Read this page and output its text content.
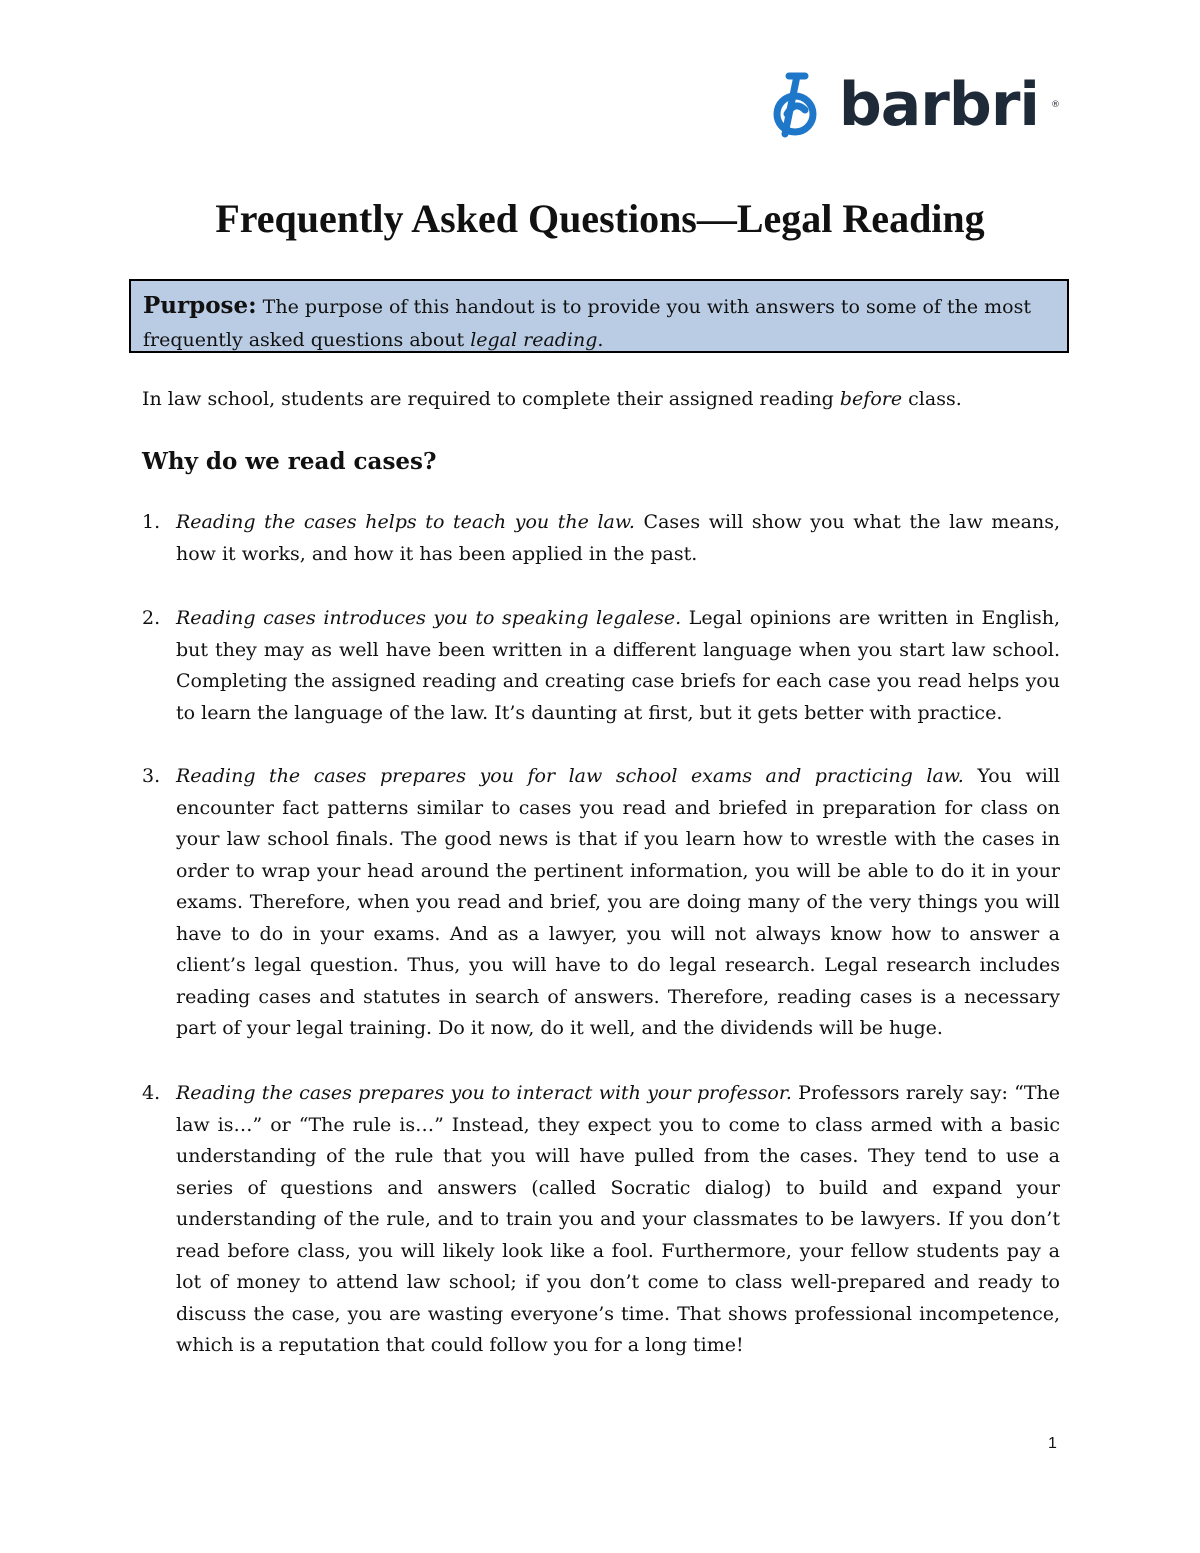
barbri ®
Frequently Asked Questions—Legal Reading
Purpose: The purpose of this handout is to provide you with answers to some of the most frequently asked questions about legal reading.

In law school, students are required to complete their assigned reading before class.

Why do we read cases?
1. Reading the cases helps to teach you the law. Cases will show you what the law means, how it works, and how it has been applied in the past.
2. Reading cases introduces you to speaking legalese. Legal opinions are written in English, but they may as well have been written in a different language when you start law school. Completing the assigned reading and creating case briefs for each case you read helps you to learn the language of the law. It’s daunting at first, but it gets better with practice.
3. Reading the cases prepares you for law school exams and practicing law. You will encounter fact patterns similar to cases you read and briefed in preparation for class on your law school finals. The good news is that if you learn how to wrestle with the cases in order to wrap your head around the pertinent information, you will be able to do it in your exams. Therefore, when you read and brief, you are doing many of the very things you will have to do in your exams. And as a lawyer, you will not always know how to answer a client’s legal question. Thus, you will have to do legal research. Legal research includes reading cases and statutes in search of answers. Therefore, reading cases is a necessary part of your legal training. Do it now, do it well, and the dividends will be huge.
4. Reading the cases prepares you to interact with your professor. Professors rarely say: “The law is…” or “The rule is…” Instead, they expect you to come to class armed with a basic understanding of the rule that you will have pulled from the cases. They tend to use a series of questions and answers (called Socratic dialog) to build and expand your understanding of the rule, and to train you and your classmates to be lawyers. If you don’t read before class, you will likely look like a fool. Furthermore, your fellow students pay a lot of money to attend law school; if you don’t come to class well-prepared and ready to discuss the case, you are wasting everyone’s time. That shows professional incompetence, which is a reputation that could follow you for a long time!
1
